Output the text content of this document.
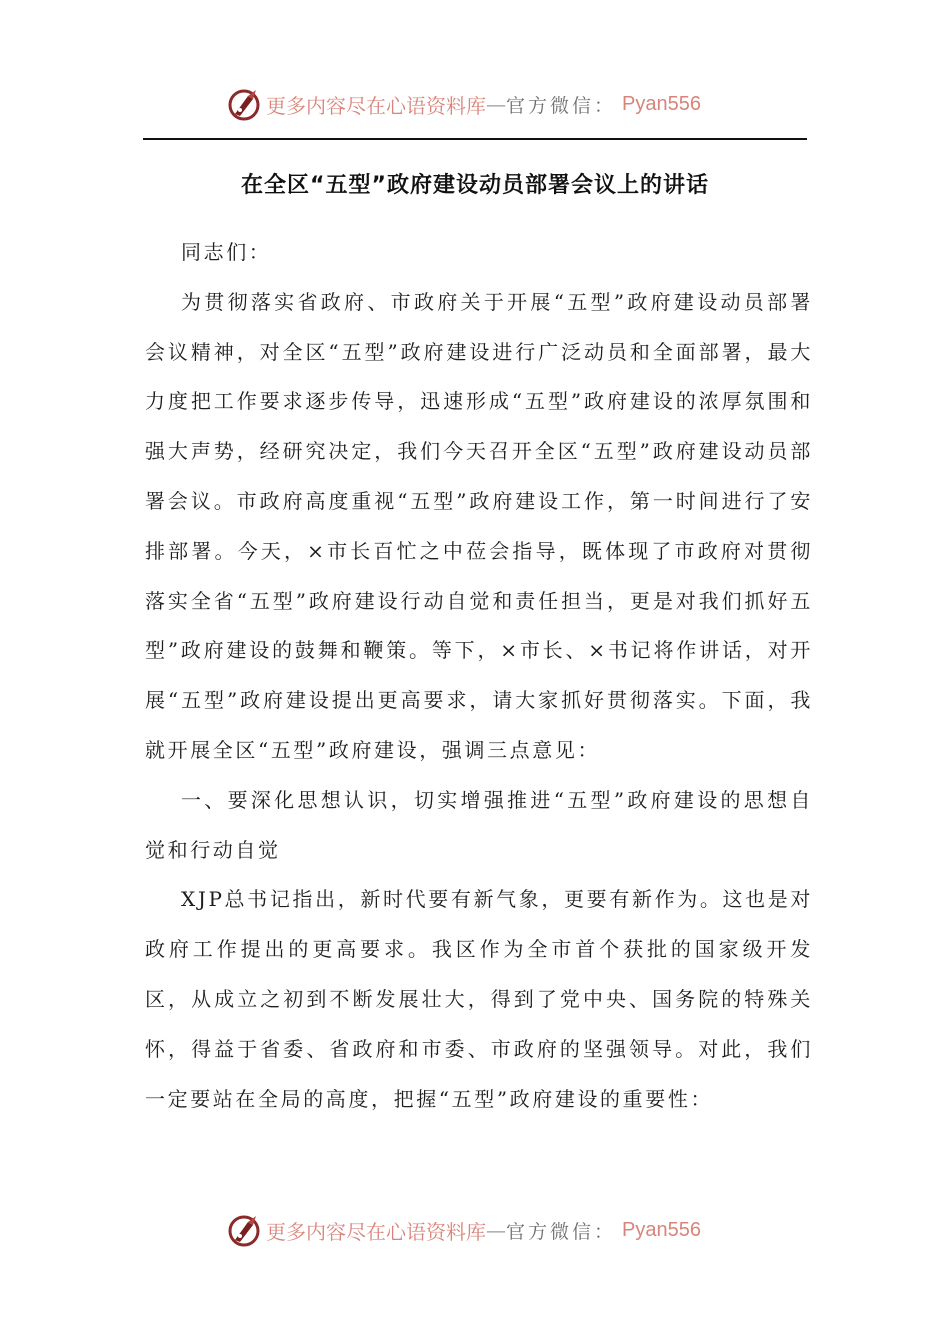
更多内容尽在心语资料库 — 官方微信： Pyan556
在全区“五型”政府建设动员部署会议上的讲话

同志们：

为贯彻落实省政府、市政府关于开展“五型”政府建设动员部署会议精神，对全区“五型”政府建设进行广泛动员和全面部署，最大力度把工作要求逐步传导，迅速形成“五型”政府建设的浓厚氛围和强大声势，经研究决定，我们今天召开全区“五型”政府建设动员部署会议。市政府高度重视“五型”政府建设工作，第一时间进行了安排部署。今天，×市长百忙之中莅会指导，既体现了市政府对贯彻落实全省“五型”政府建设行动自觉和责任担当，更是对我们抓好五型”政府建设的鼓舞和鞭策。等下，×市长、×书记将作讲话，对开展“五型”政府建设提出更高要求，请大家抓好贯彻落实。下面，我就开展全区“五型”政府建设，强调三点意见：

一、要深化思想认识，切实增强推进“五型”政府建设的思想自觉和行动自觉

XJP总书记指出，新时代要有新气象，更要有新作为。这也是对政府工作提出的更高要求。我区作为全市首个获批的国家级开发区，从成立之初到不断发展壮大，得到了党中央、国务院的特殊关怀，得益于省委、省政府和市委、市政府的坚强领导。对此，我们一定要站在全局的高度，把握“五型”政府建设的重要性：

更多内容尽在心语资料库 — 官方微信： Pyan556
